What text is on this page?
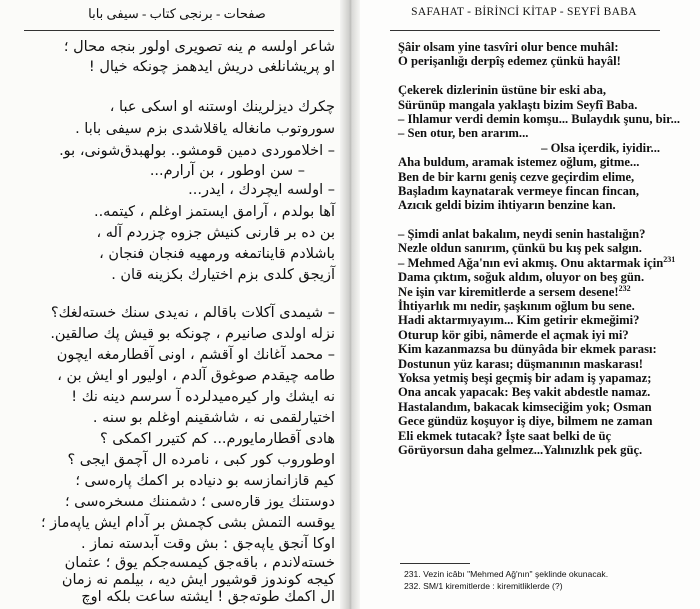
صفحات - برنجی کتاب - سیفی بابا	SAFAHAT - BİRİNCİ KİTAP - SEYFİ BABA
شاعر اولسه م ینه تصویری اولور بنجه محال ؛
او پریشانلغی دریش ایدهمز چونکه خیال !
چکرك دیزلرینك اوستنه او اسکی عبا ،
سوروتوب مانغاله یاقلاشدی بزم سیفی بابا .
– اخلاموردی دمین قومشو.. بولهبدق‌شونی، بو.
– سن اوطور ، بن آرارم...
– اولسه ایچردك ، ایدر...
آها بولدم ، آرامق ایستمز اوغلم ، کیتمه..
بن ده بر قارنی کنیش جزوه چزردم آله ،
باشلادم قایناتمغه ورمهیه فنجان فنجان ،
آزیجق کلدی بزم اختیارك بکزینه قان .
– شیمدی آکلات باقالم ، نه‌یدی سنك خسته‌لغك؟
نزله اولدی صانیرم ، چونکه بو قیش پك صالقین.
– محمد آغانك او آقشم ، اونی آقطارمغه ایچون
طامه چیقدم صوغوق آلدم ، اولیور او ایش بن ،
نه ایشك وار کیره‌میدلرده آ سرسم دینه نك !
اختیارلقمی نه ، شاشقینم اوغلم بو سنه .
هادی آقطارمایورم... کم کتیرر اکمکی ؟
اوطوروب کور کبی ، نامرده ال آچمق ایجی ؟
کیم قازانمازسه بو دنیاده بر اکمك پاره‌سی ؛
دوستنك یوز قاره‌سی ؛ دشمننك مسخره‌سی ؛
یوقسه التمش بشی کچمش بر آدام ایش یاپه‌ماز ؛
اوکا آنجق یاپه‌جق : بش وقت آبدسته نماز .
خسته‌لاندم ، باقه‌جق کیمسه‌جکم یوق ؛ عثمان
کیجه کوندوز قوشیور ایش دیه ، بیلمم نه زمان
ال اکمك طوته‌جق ! ایشته ساعت بلکه اوچ
Şâir olsam yine tasvîri olur bence muhâl:
O perişanlığı derpîş edemez çünkü hayâl!
Çekerek dizlerinin üstüne bir eski aba,
Sürünüp mangala yaklaştı bizim Seyfî Baba.
– Ihlamur verdi demin komşu... Bulaydık şunu, bir...
– Sen otur, ben ararım...
– Olsa içerdik, iyidir...
Aha buldum, aramak istemez oğlum, gitme...
Ben de bir karnı geniş cezve geçirdim elime,
Başladım kaynatarak vermeye fincan fincan,
Azıcık geldi bizim ihtiyarın benzine kan.
– Şimdi anlat bakalım, neydi senin hastalığın?
Nezle oldun sanırım, çünkü bu kış pek salgın.
– Mehmed Ağa'nın evi akmış. Onu aktarmak için$^{231}$
Dama çıktım, soğuk aldım, oluyor on beş gün.
Ne işin var kiremitlerde a sersem desene!$^{232}$
İhtiyarlık mı nedir, şaşkınım oğlum bu sene.
Hadi aktarmıyayım... Kim getirir ekmeğimi?
Oturup kör gibi, nâmerde el açmak iyi mi?
Kim kazanmazsa bu dünyâda bir ekmek parası:
Dostunun yüz karası; düşmanının maskarası!
Yoksa yetmiş beşi geçmiş bir adam iş yapamaz;
Ona ancak yapacak: Beş vakit abdestle namaz.
Hastalandım, bakacak kimseciğim yok; Osman
Gece gündüz koşuyor iş diye, bilmem ne zaman
Eli ekmek tutacak? İşte saat belki de üç
Görüyorsun daha gelmez...Yalınızlık pek güç.
231. Vezin icâbı "Mehmed Ağ'nın" şeklinde okunacak.
232. SM/1 kiremitlerde : kiremitliklerde (?)
